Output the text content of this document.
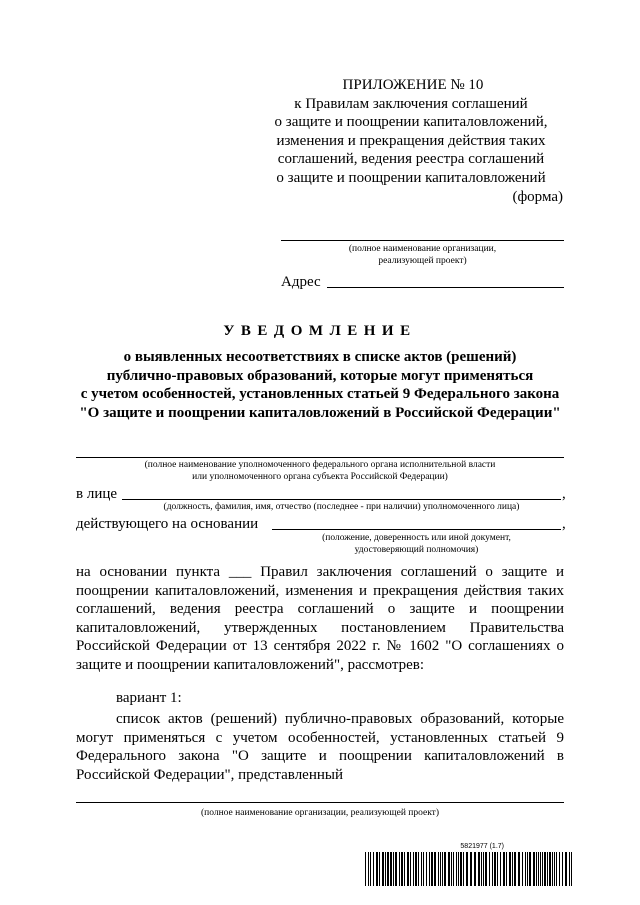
ПРИЛОЖЕНИЕ № 10
к Правилам заключения соглашений
о защите и поощрении капиталовложений,
изменения и прекращения действия таких
соглашений, ведения реестра соглашений
о защите и поощрении капиталовложений
(форма)
(полное наименование организации,
реализующей проект)
Адрес
УВЕДОМЛЕНИЕ
о выявленных несоответствиях в списке актов (решений)
публично-правовых образований, которые могут применяться
с учетом особенностей, установленных статьей 9 Федерального закона
"О защите и поощрении капиталовложений в Российской Федерации"
(полное наименование уполномоченного федерального органа исполнительной власти
или уполномоченного органа субъекта Российской Федерации)
в лице	,
(должность, фамилия, имя, отчество (последнее - при наличии) уполномоченного лица)
действующего на основании	,
(положение, доверенность или иной документ,
удостоверяющий полномочия)
на основании пункта ___ Правил заключения соглашений о защите и поощрении капиталовложений, изменения и прекращения действия таких соглашений, ведения реестра соглашений о защите и поощрении капиталовложений, утвержденных постановлением Правительства Российской Федерации от 13 сентября 2022 г. № 1602 "О соглашениях о защите и поощрении капиталовложений", рассмотрев:
вариант 1:
список актов (решений) публично-правовых образований, которые могут применяться с учетом особенностей, установленных статьей 9 Федерального закона "О защите и поощрении капиталовложений в Российской Федерации", представленный
(полное наименование организации, реализующей проект)
5821977 (1.7)
